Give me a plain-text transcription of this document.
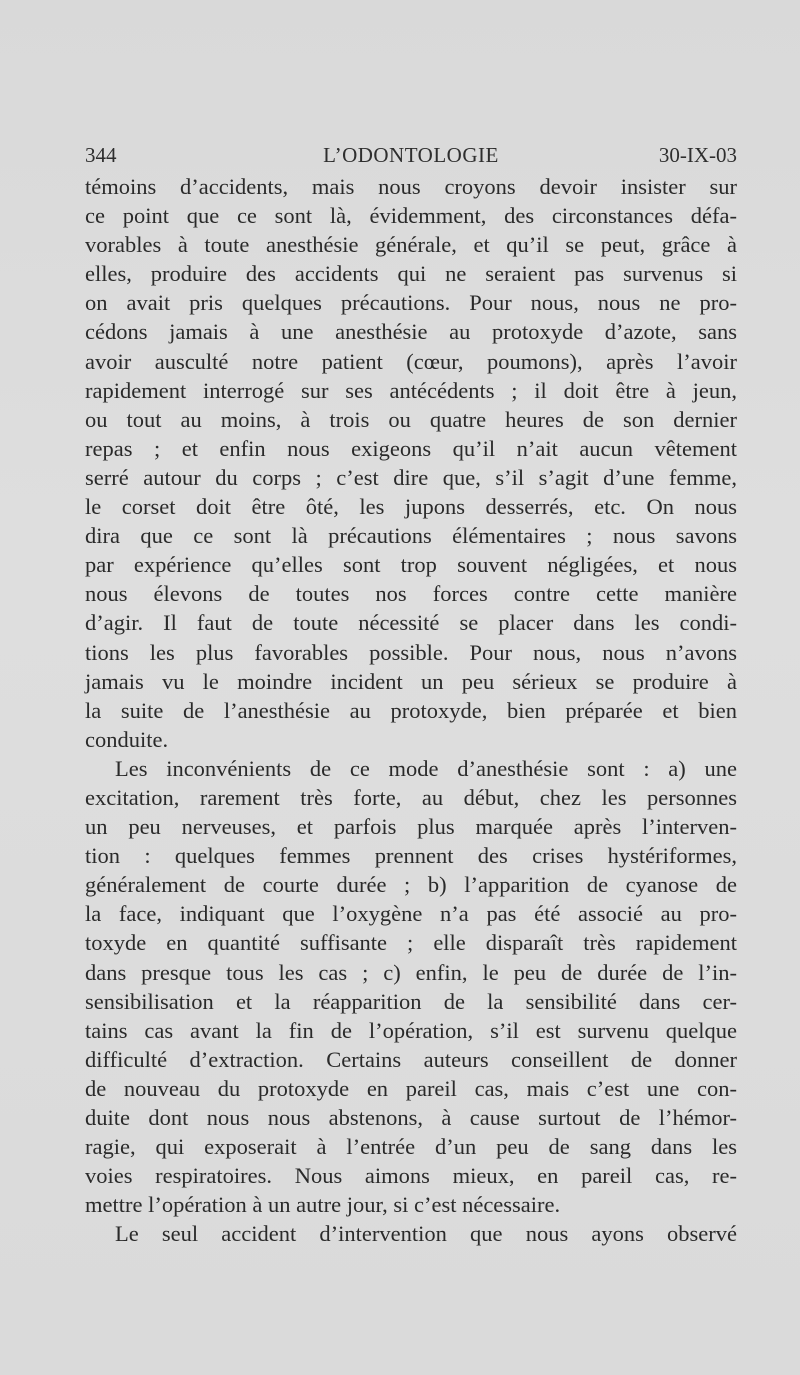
344	L’ODONTOLOGIE	30-IX-03
témoins d’accidents, mais nous croyons devoir insister sur
ce point que ce sont là, évidemment, des circonstances défa-
vorables à toute anesthésie générale, et qu’il se peut, grâce à
elles, produire des accidents qui ne seraient pas survenus si
on avait pris quelques précautions. Pour nous, nous ne pro-
cédons jamais à une anesthésie au protoxyde d’azote, sans
avoir ausculté notre patient (cœur, poumons), après l’avoir
rapidement interrogé sur ses antécédents ; il doit être à jeun,
ou tout au moins, à trois ou quatre heures de son dernier
repas ; et enfin nous exigeons qu’il n’ait aucun vêtement
serré autour du corps ; c’est dire que, s’il s’agit d’une femme,
le corset doit être ôté, les jupons desserrés, etc. On nous
dira que ce sont là précautions élémentaires ; nous savons
par expérience qu’elles sont trop souvent négligées, et nous
nous élevons de toutes nos forces contre cette manière
d’agir. Il faut de toute nécessité se placer dans les condi-
tions les plus favorables possible. Pour nous, nous n’avons
jamais vu le moindre incident un peu sérieux se produire à
la suite de l’anesthésie au protoxyde, bien préparée et bien
conduite.
Les inconvénients de ce mode d’anesthésie sont : a) une
excitation, rarement très forte, au début, chez les personnes
un peu nerveuses, et parfois plus marquée après l’interven-
tion : quelques femmes prennent des crises hystériformes,
généralement de courte durée ; b) l’apparition de cyanose de
la face, indiquant que l’oxygène n’a pas été associé au pro-
toxyde en quantité suffisante ; elle disparaît très rapidement
dans presque tous les cas ; c) enfin, le peu de durée de l’in-
sensibilisation et la réapparition de la sensibilité dans cer-
tains cas avant la fin de l’opération, s’il est survenu quelque
difficulté d’extraction. Certains auteurs conseillent de donner
de nouveau du protoxyde en pareil cas, mais c’est une con-
duite dont nous nous abstenons, à cause surtout de l’hémor-
ragie, qui exposerait à l’entrée d’un peu de sang dans les
voies respiratoires. Nous aimons mieux, en pareil cas, re-
mettre l’opération à un autre jour, si c’est nécessaire.
Le seul accident d’intervention que nous ayons observé
